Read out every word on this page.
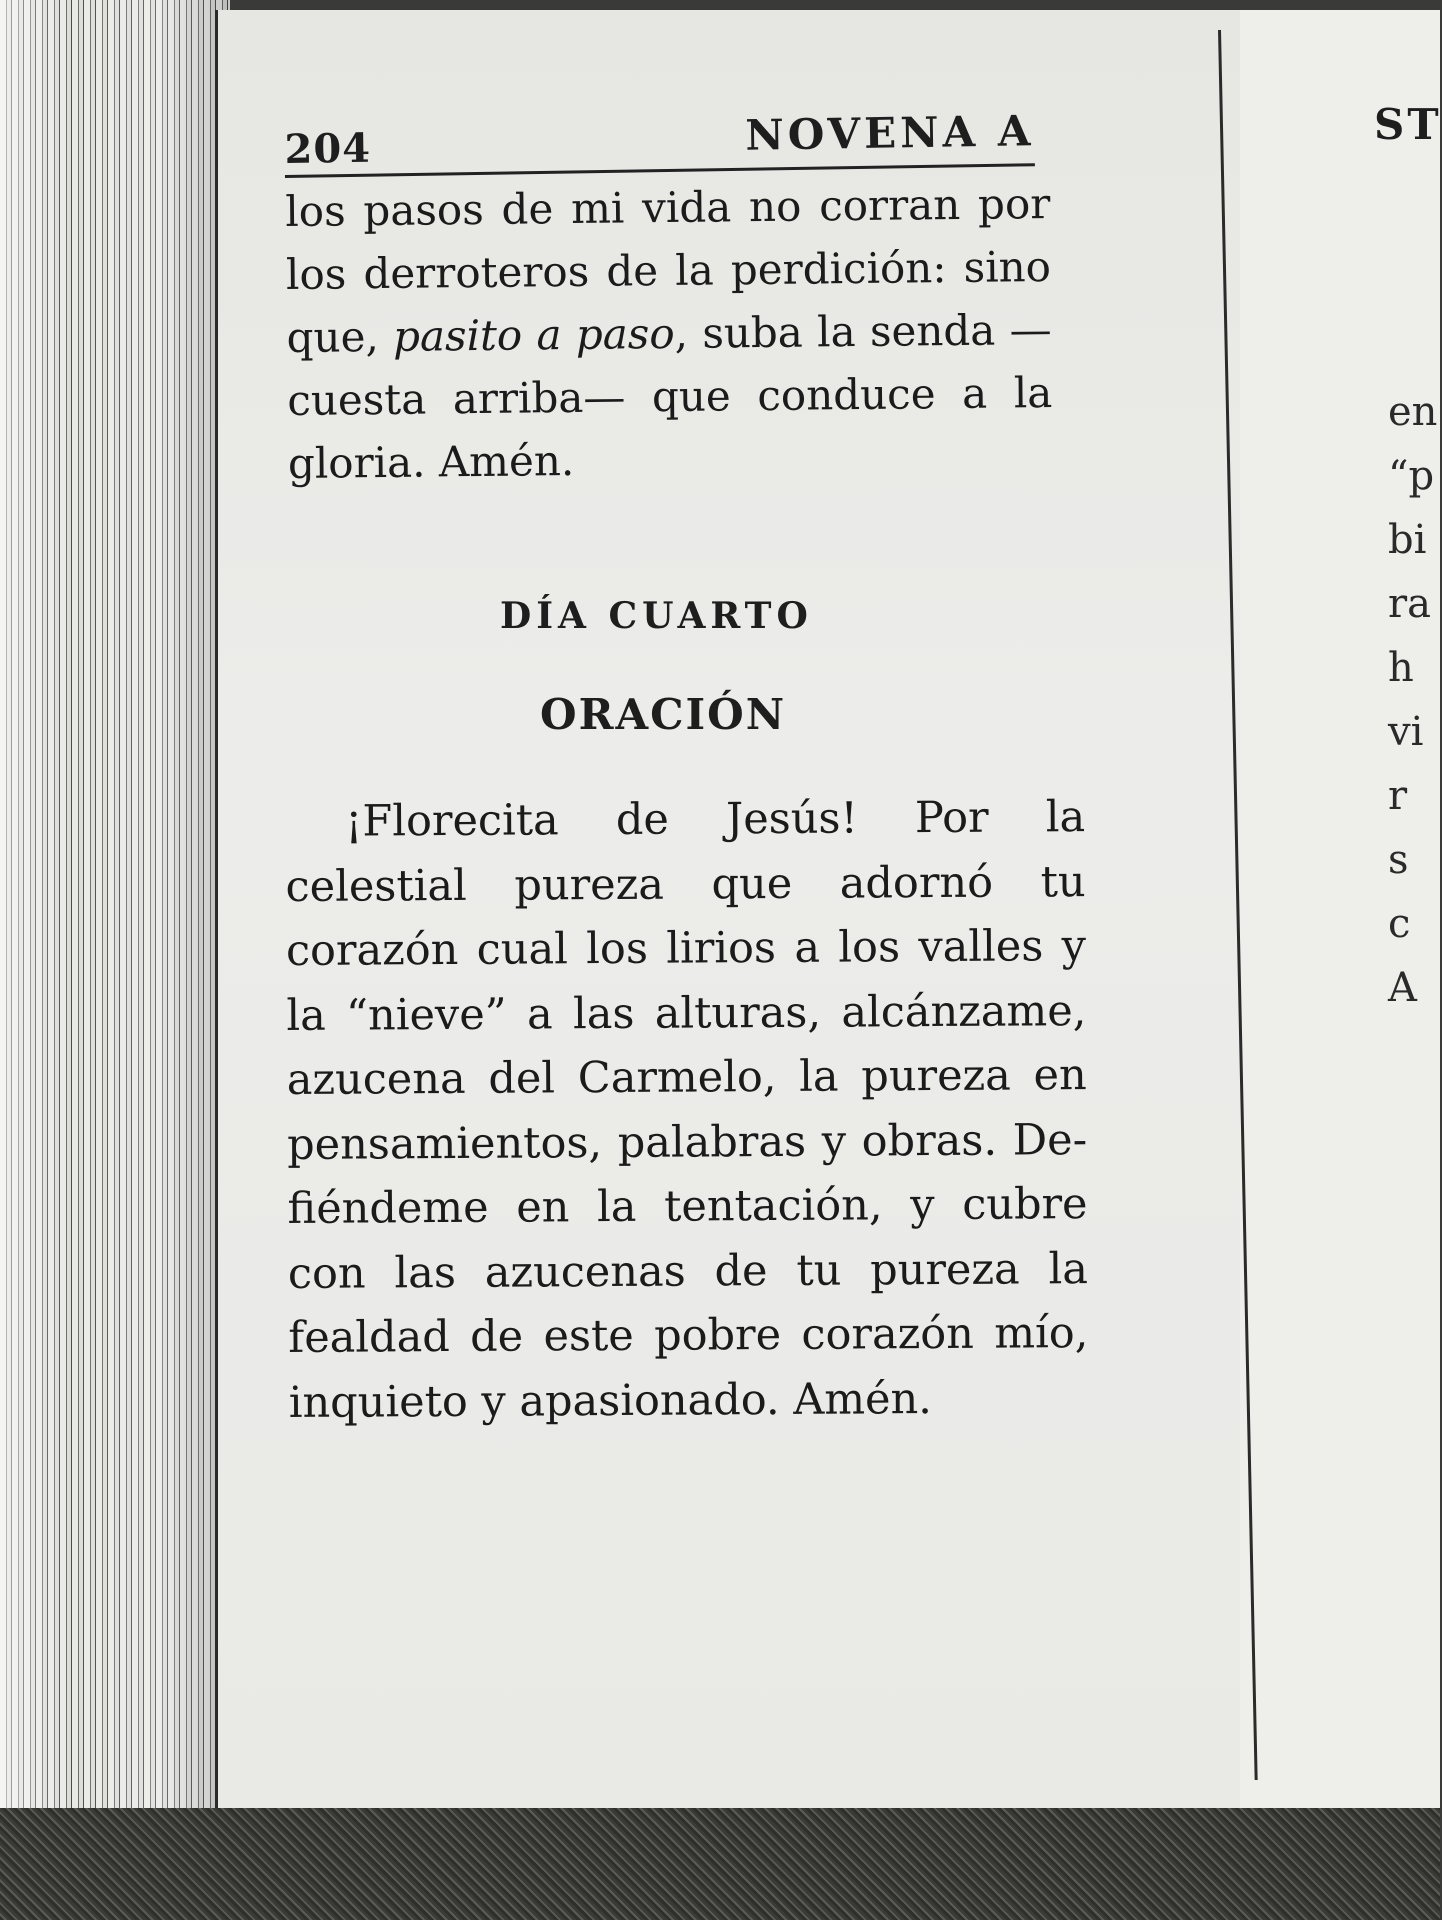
204	NOVENA A	ST

los pasos de mi vida no corran por los derroteros de la perdición: sino que, pasito a paso, suba la senda —cuesta arriba— que conduce a la gloria. Amén.

DÍA CUARTO
ORACIÓN

¡Florecita de Jesús! Por la celestial pureza que adornó tu corazón cual los lirios a los valles y la “nieve” a las alturas, alcánzame, azucena del Carmelo, la pureza en pensamientos, palabras y obras. Defiéndeme en la tentación, y cubre con las azucenas de tu pureza la fealdad de este pobre corazón mío, inquieto y apasionado. Amén.

en
“p
bi
ra
h
vi
r
s
c
A
